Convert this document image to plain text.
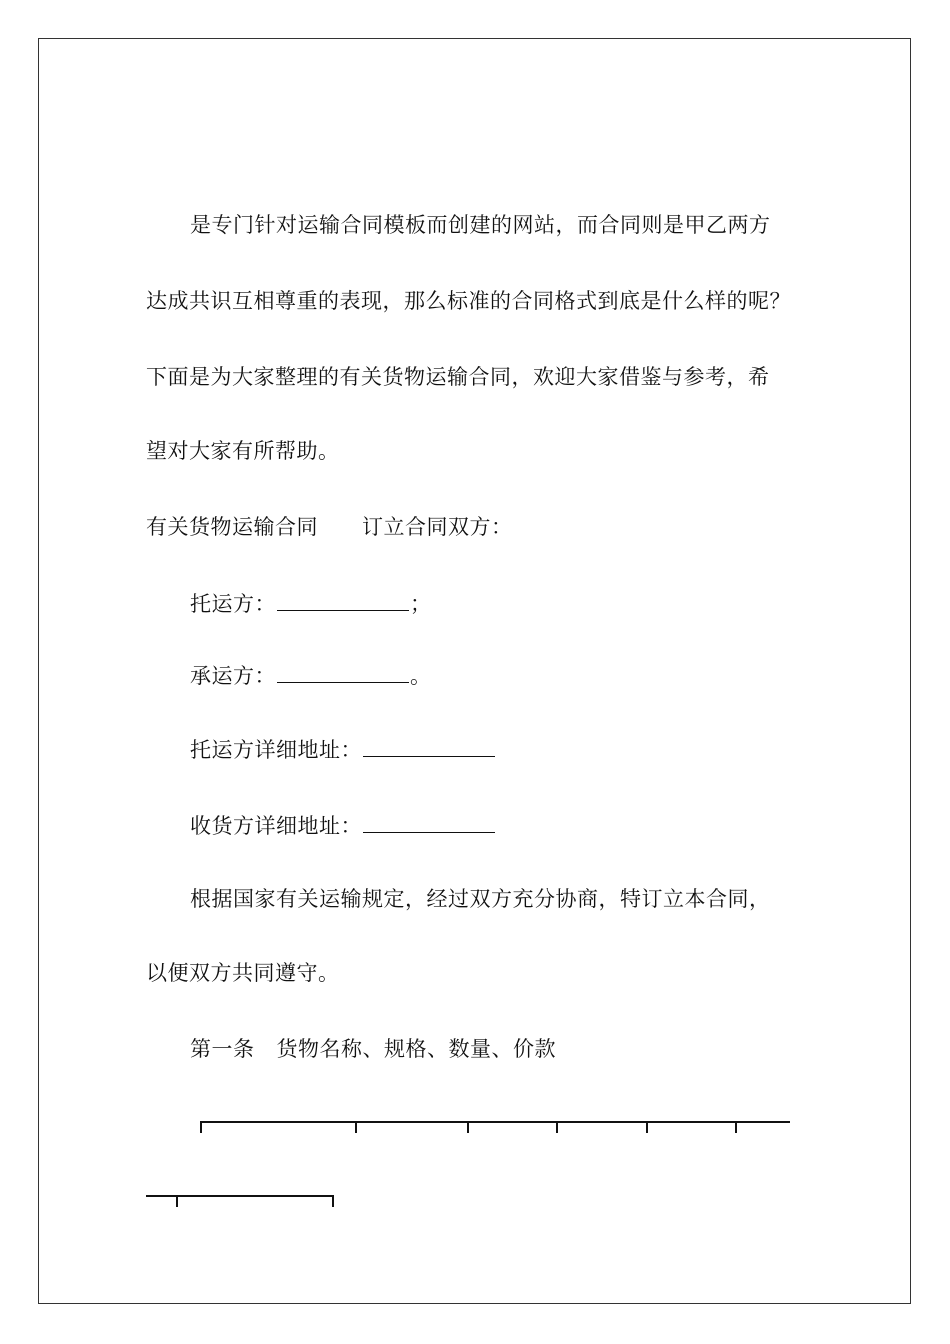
是专门针对运输合同模板而创建的网站，而合同则是甲乙两方
达成共识互相尊重的表现，那么标准的合同格式到底是什么样的呢？
下面是为大家整理的有关货物运输合同，欢迎大家借鉴与参考，希
望对大家有所帮助。
有关货物运输合同 订立合同双方：
托运方：	；
承运方：	。
托运方详细地址：
收货方详细地址：
根据国家有关运输规定，经过双方充分协商，特订立本合同，
以便双方共同遵守。
第一条 货物名称、规格、数量、价款
